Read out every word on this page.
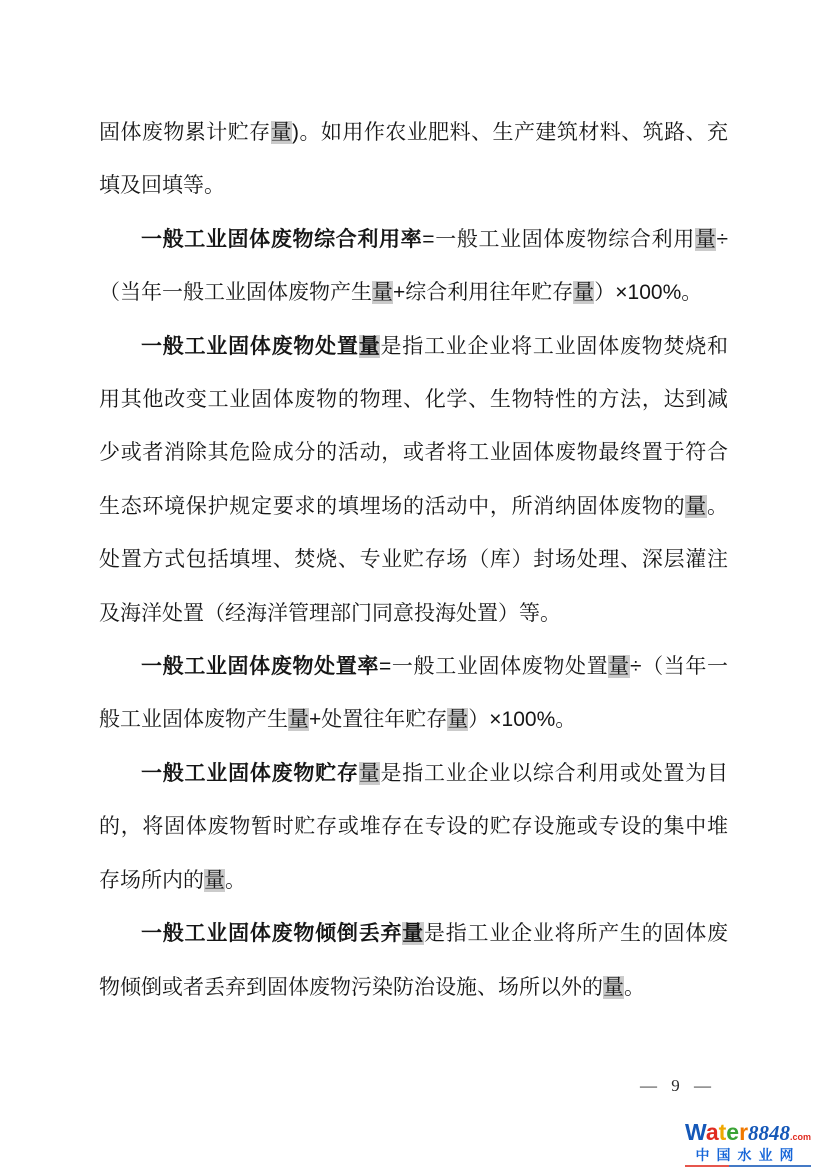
固体废物累计贮存量)。如用作农业肥料、生产建筑材料、筑路、充填及回填等。

一般工业固体废物综合利用率=一般工业固体废物综合利用量÷（当年一般工业固体废物产生量+综合利用往年贮存量）×100%。

一般工业固体废物处置量是指工业企业将工业固体废物焚烧和用其他改变工业固体废物的物理、化学、生物特性的方法，达到减少或者消除其危险成分的活动，或者将工业固体废物最终置于符合生态环境保护规定要求的填埋场的活动中，所消纳固体废物的量。处置方式包括填埋、焚烧、专业贮存场（库）封场处理、深层灌注及海洋处置（经海洋管理部门同意投海处置）等。

一般工业固体废物处置率=一般工业固体废物处置量÷（当年一般工业固体废物产生量+处置往年贮存量）×100%。

一般工业固体废物贮存量是指工业企业以综合利用或处置为目的，将固体废物暂时贮存或堆存在专设的贮存设施或专设的集中堆存场所内的量。

一般工业固体废物倾倒丢弃量是指工业企业将所产生的固体废物倾倒或者丢弃到固体废物污染防治设施、场所以外的量。

— 9 —
Water8848.com
中国水业网
